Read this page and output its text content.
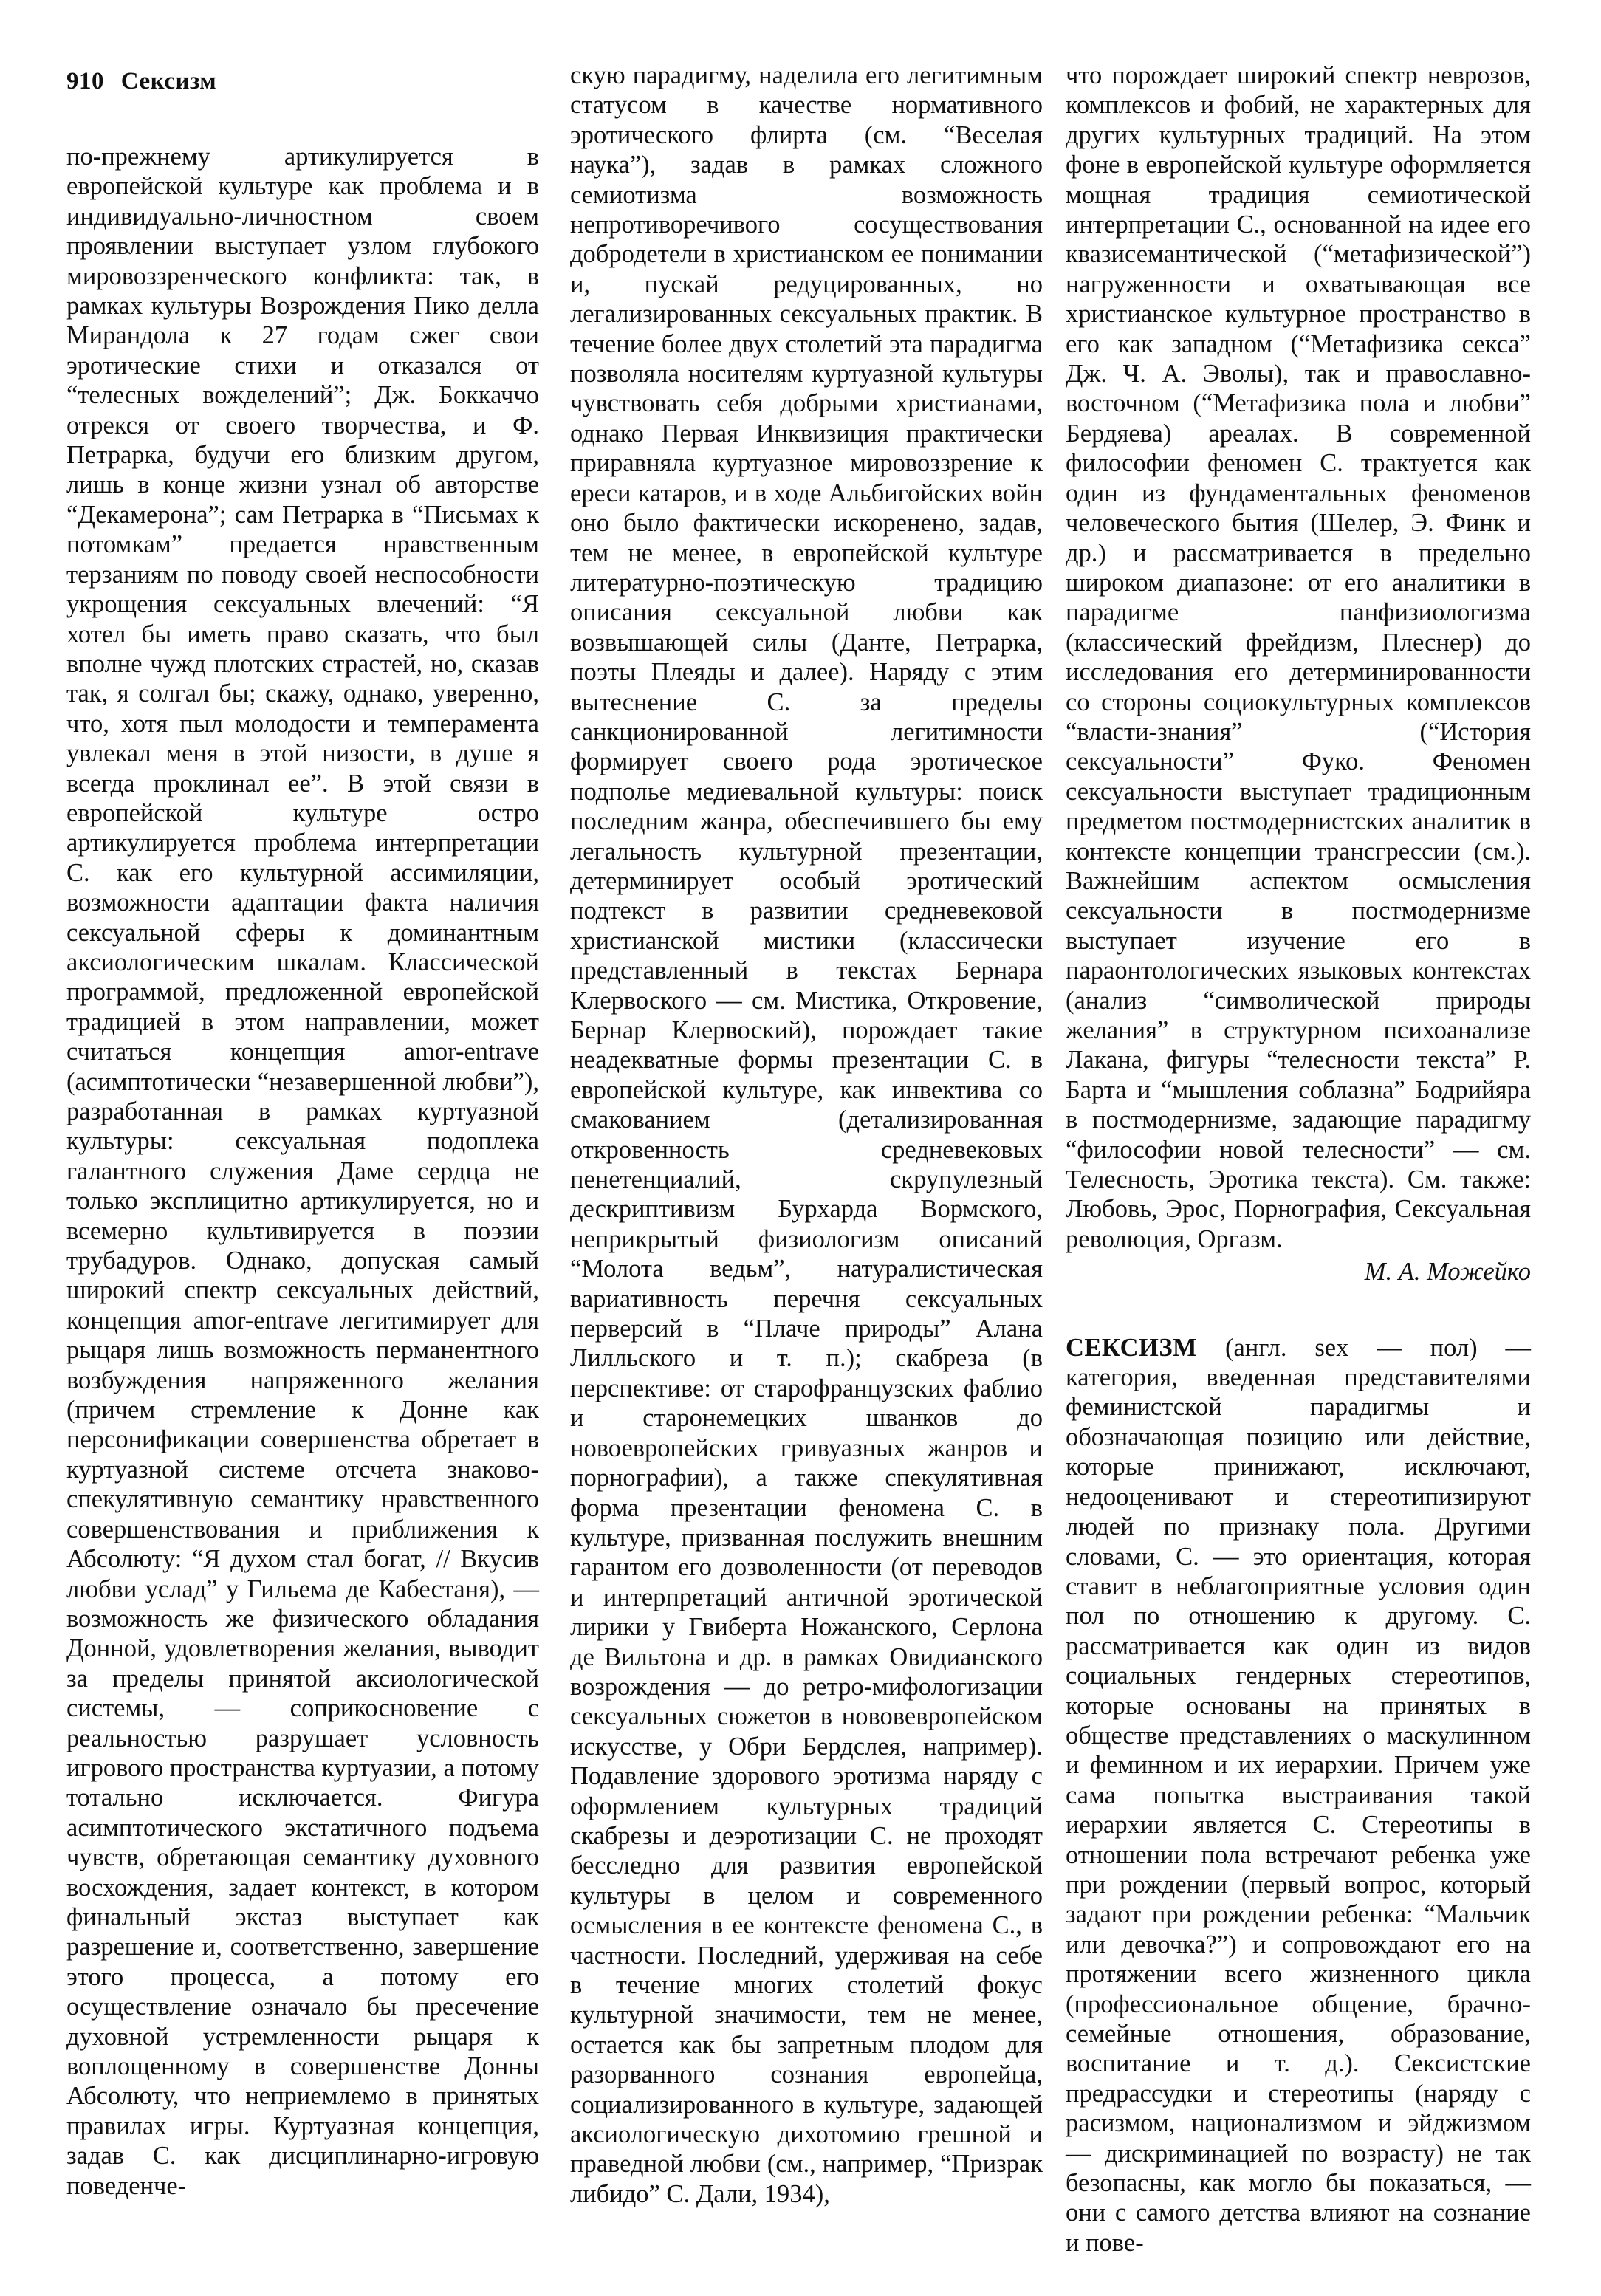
910 Сексизм

по-прежнему артикулируется в европейской культуре как проблема и в индивидуально-личностном своем проявлении выступает узлом глубокого мировоззренческого конфликта: так, в рамках культуры Возрождения Пико делла Мирандола к 27 годам сжег свои эротические стихи и отказался от “телесных вожделений”; Дж. Боккаччо отрекся от своего творчества, и Ф. Петрарка, будучи его близким другом, лишь в конце жизни узнал об авторстве “Декамерона”; сам Петрарка в “Письмах к потомкам” предается нравственным терзаниям по поводу своей неспособности укрощения сексуальных влечений: “Я хотел бы иметь право сказать, что был вполне чужд плотских страстей, но, сказав так, я солгал бы; скажу, однако, уверенно, что, хотя пыл молодости и темперамента увлекал меня в этой низости, в душе я всегда проклинал ее”. В этой связи в европейской культуре остро артикулируется проблема интерпретации С. как его культурной ассимиляции, возможности адаптации факта наличия сексуальной сферы к доминантным аксиологическим шкалам. Классической программой, предложенной европейской традицией в этом направлении, может считаться концепция amor-entrave (асимптотически “незавершенной любви”), разработанная в рамках куртуазной культуры: сексуальная подоплека галантного служения Даме сердца не только эксплицитно артикулируется, но и всемерно культивируется в поэзии трубадуров. Однако, допуская самый широкий спектр сексуальных действий, концепция amor-entrave легитимирует для рыцаря лишь возможность перманентного возбуждения напряженного желания (причем стремление к Донне как персонификации совершенства обретает в куртуазной системе отсчета знаково-спекулятивную семантику нравственного совершенствования и приближения к Абсолюту: “Я духом стал богат, // Вкусив любви услад” у Гильема де Кабестаня), — возможность же физического обладания Донной, удовлетворения желания, выводит за пределы принятой аксиологической системы, — соприкосновение с реальностью разрушает условность игрового пространства куртуазии, а потому тотально исключается. Фигура асимптотического экстатичного подъема чувств, обретающая семантику духовного восхождения, задает контекст, в котором финальный экстаз выступает как разрешение и, соответственно, завершение этого процесса, а потому его осуществление означало бы пресечение духовной устремленности рыцаря к воплощенному в совершенстве Донны Абсолюту, что неприемлемо в принятых правилах игры. Куртуазная концепция, задав С. как дисциплинарно-игровую поведенче-

скую парадигму, наделила его легитимным статусом в качестве нормативного эротического флирта (см. “Веселая наука”), задав в рамках сложного семиотизма возможность непротиворечивого сосуществования добродетели в христианском ее понимании и, пускай редуцированных, но легализированных сексуальных практик. В течение более двух столетий эта парадигма позволяла носителям куртуазной культуры чувствовать себя добрыми христианами, однако Первая Инквизиция практически приравняла куртуазное мировоззрение к ереси катаров, и в ходе Альбигойских войн оно было фактически искоренено, задав, тем не менее, в европейской культуре литературно-поэтическую традицию описания сексуальной любви как возвышающей силы (Данте, Петрарка, поэты Плеяды и далее). Наряду с этим вытеснение С. за пределы санкционированной легитимности формирует своего рода эротическое подполье медиевальной культуры: поиск последним жанра, обеспечившего бы ему легальность культурной презентации, детерминирует особый эротический подтекст в развитии средневековой христианской мистики (классически представленный в текстах Бернара Клервоского — см. Мистика, Откровение, Бернар Клервоский), порождает такие неадекватные формы презентации С. в европейской культуре, как инвектива со смакованием (детализированная откровенность средневековых пенетенциалий, скрупулезный дескриптивизм Бурхарда Вормского, неприкрытый физиологизм описаний “Молота ведьм”, натуралистическая вариативность перечня сексуальных перверсий в “Плаче природы” Алана Лилльского и т. п.); скабреза (в перспективе: от старофранцузских фаблио и старонемецких шванков до новоевропейских гривуазных жанров и порнографии), а также спекулятивная форма презентации феномена С. в культуре, призванная послужить внешним гарантом его дозволенности (от переводов и интерпретаций античной эротической лирики у Гвиберта Ножанского, Серлона де Вильтона и др. в рамках Овидианского возрождения — до ретро-мифологизации сексуальных сюжетов в нововевропейском искусстве, у Обри Бердслея, например). Подавление здорового эротизма наряду с оформлением культурных традиций скабрезы и деэротизации С. не проходят бесследно для развития европейской культуры в целом и современного осмысления в ее контексте феномена С., в частности. Последний, удерживая на себе в течение многих столетий фокус культурной значимости, тем не менее, остается как бы запретным плодом для разорванного сознания европейца, социализированного в культуре, задающей аксиологическую дихотомию грешной и праведной любви (см., например, “Призрак либидо” С. Дали, 1934),

что порождает широкий спектр неврозов, комплексов и фобий, не характерных для других культурных традиций. На этом фоне в европейской культуре оформляется мощная традиция семиотической интерпретации С., основанной на идее его квазисемантической (“метафизической”) нагруженности и охватывающая все христианское культурное пространство в его как западном (“Метафизика секса” Дж. Ч. А. Эволы), так и православно-восточном (“Метафизика пола и любви” Бердяева) ареалах. В современной философии феномен С. трактуется как один из фундаментальных феноменов человеческого бытия (Шелер, Э. Финк и др.) и рассматривается в предельно широком диапазоне: от его аналитики в парадигме панфизиологизма (классический фрейдизм, Плеснер) до исследования его детерминированности со стороны социокультурных комплексов “власти-знания” (“История сексуальности” Фуко. Феномен сексуальности выступает традиционным предметом постмодернистских аналитик в контексте концепции трансгрессии (см.). Важнейшим аспектом осмысления сексуальности в постмодернизме выступает изучение его в параонтологических языковых контекстах (анализ “символической природы желания” в структурном психоанализе Лакана, фигуры “телесности текста” Р. Барта и “мышления соблазна” Бодрийяра в постмодернизме, задающие парадигму “философии новой телесности” — см. Телесность, Эротика текста). См. также: Любовь, Эрос, Порнография, Сексуальная революция, Оргазм.

М. А. Можейко

СЕКСИЗМ (англ. sex — пол) — категория, введенная представителями феминистской парадигмы и обозначающая позицию или действие, которые принижают, исключают, недооценивают и стереотипизируют людей по признаку пола. Другими словами, С. — это ориентация, которая ставит в неблагоприятные условия один пол по отношению к другому. С. рассматривается как один из видов социальных гендерных стереотипов, которые основаны на принятых в обществе представлениях о маскулинном и феминном и их иерархии. Причем уже сама попытка выстраивания такой иерархии является С. Стереотипы в отношении пола встречают ребенка уже при рождении (первый вопрос, который задают при рождении ребенка: “Мальчик или девочка?”) и сопровождают его на протяжении всего жизненного цикла (профессиональное общение, брачно-семейные отношения, образование, воспитание и т. д.). Сексистские предрассудки и стереотипы (наряду с расизмом, национализмом и эйджизмом — дискриминацией по возрасту) не так безопасны, как могло бы показаться, — они с самого детства влияют на сознание и пове-
